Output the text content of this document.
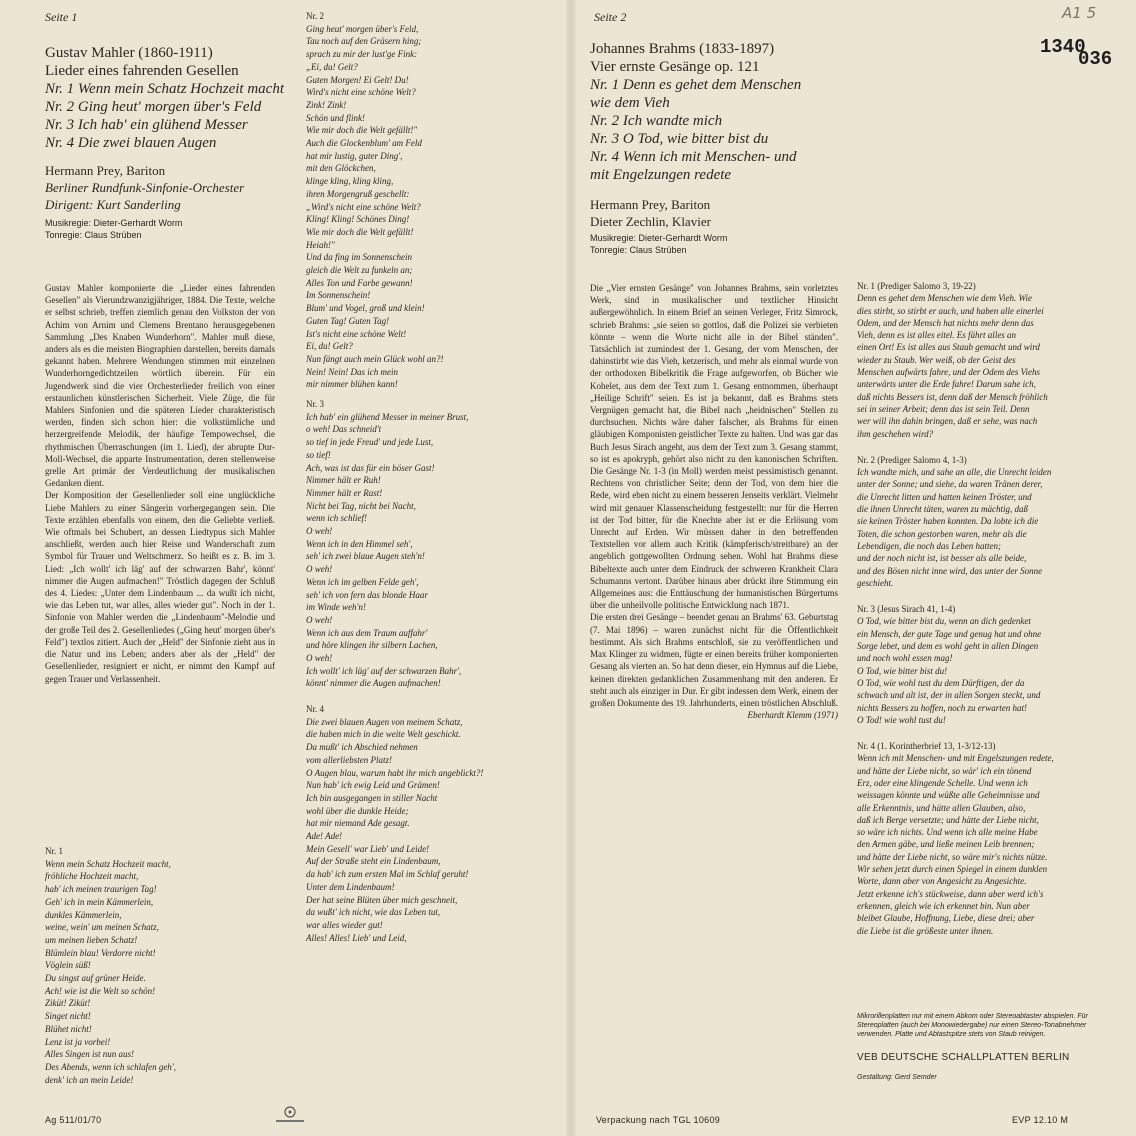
Seite 1
Gustav Mahler (1860-1911)
Lieder eines fahrenden Gesellen
Nr. 1 Wenn mein Schatz Hochzeit macht
Nr. 2 Ging heut' morgen über's Feld
Nr. 3 Ich hab' ein glühend Messer
Nr. 4 Die zwei blauen Augen
Hermann Prey, Bariton
Berliner Rundfunk-Sinfonie-Orchester
Dirigent: Kurt Sanderling
Musikregie: Dieter-Gerhardt Worm
Tonregie: Claus Strüben

Gustav Mahler komponierte die „Lieder eines fahrenden Gesellen" als Vierundzwanzigjähriger, 1884. Die Texte, welche er selbst schrieb, treffen ziemlich genau den Volkston der von Achim von Arnim und Clemens Brentano herausgegebenen Sammlung „Des Knaben Wunderhorn". Mahler muß diese, anders als es die meisten Biographien darstellen, bereits damals gekannt haben. Mehrere Wendungen stimmen mit einzelnen Wunderhorngedichtzeilen wörtlich überein. Für ein Jugendwerk sind die vier Orchesterlieder freilich von einer erstaunlichen künstlerischen Sicherheit. Viele Züge, die für Mahlers Sinfonien und die späteren Lieder charakteristisch werden, finden sich schon hier: die volkstümliche und herzergreifende Melodik, der häufige Tempowechsel, die rhythmischen Überraschungen (im 1. Lied), der abrupte Dur-Moll-Wechsel, die apparte Instrumentation, deren stellenweise grelle Art primär der Verdeutlichung der musikalischen Gedanken dient.

Der Komposition der Gesellenlieder soll eine unglückliche Liebe Mahlers zu einer Sängerin vorhergegangen sein. Die Texte erzählen ebenfalls von einem, den die Geliebte verließ. Wie oftmals bei Schubert, an dessen Liedtypus sich Mahler anschließt, werden auch hier Reise und Wanderschaft zum Symbol für Trauer und Weltschmerz. So heißt es z. B. im 3. Lied: „Ich wollt' ich läg' auf der schwarzen Bahr', könnt' nimmer die Augen aufmachen!" Tröstlich dagegen der Schluß des 4. Liedes: „Unter dem Lindenbaum ... da wußt ich nicht, wie das Leben tut, war alles, alles wieder gut". Noch in der 1. Sinfonie von Mahler werden die „Lindenbaum"-Melodie und der große Teil des 2. Gesellenliedes („Ging heut' morgen über's Feld") textlos zitiert. Auch der „Held" der Sinfonie zieht aus in die Natur und ins Leben; anders aber als der „Held" der Gesellenlieder, resigniert er nicht, er nimmt den Kampf auf gegen Trauer und Verlassenheit.

Nr. 1
Wenn mein Schatz Hochzeit macht,
fröhliche Hochzeit macht,
hab' ich meinen traurigen Tag!
Geh' ich in mein Kämmerlein,
dunkles Kämmerlein,
weine, wein' um meinen Schatz,
um meinen lieben Schatz!
Blümlein blau! Verdorre nicht!
Vöglein süß!
Du singst auf grüner Heide.
Ach! wie ist die Welt so schön!
Ziküt! Ziküt!
Singet nicht!
Blühet nicht!
Lenz ist ja vorbei!
Alles Singen ist nun aus!
Des Abends, wenn ich schlafen geh',
denk' ich an mein Leide!
Nr. 2
Ging heut' morgen über's Feld,
Tau noch auf den Gräsern hing;
sprach zu mir der lust'ge Fink:
„Ei, du! Gelt?
Guten Morgen! Ei Gelt! Du!
Wird's nicht eine schöne Welt?
Zink! Zink!
Schön und flink!
Wie mir doch die Welt gefällt!"
Auch die Glockenblum' am Feld
hat mir lustig, guter Ding',
mit den Glöckchen,
klinge kling, kling kling,
ihren Morgengruß geschellt:
„Wird's nicht eine schöne Welt?
Kling! Kling! Schönes Ding!
Wie mir doch die Welt gefällt!
Heiah!"
Und da fing im Sonnenschein
gleich die Welt zu funkeln an;
Alles Ton und Farbe gewann!
Im Sonnenschein!
Blum' und Vogel, groß und klein!
Guten Tag! Guten Tag!
Ist's nicht eine schöne Welt!
Ei, du! Gelt?
Nun fängt auch mein Glück wohl an?!
Nein! Nein! Das ich mein
mir nimmer blühen kann!
Nr. 3
Ich hab' ein glühend Messer in meiner Brust,
o weh! Das schneid't
so tief in jede Freud' und jede Lust,
so tief!
Ach, was ist das für ein böser Gast!
Nimmer hält er Ruh!
Nimmer hält er Rast!
Nicht bei Tag, nicht bei Nacht,
wenn ich schlief!
O weh!
Wenn ich in den Himmel seh',
seh' ich zwei blaue Augen steh'n!
O weh!
Wenn ich im gelben Felde geh',
seh' ich von fern das blonde Haar
im Winde weh'n!
O weh!
Wenn ich aus dem Traum auffahr'
und höre klingen ihr silbern Lachen,
O weh!
Ich wollt' ich läg' auf der schwarzen Bahr',
könnt' nimmer die Augen aufmachen!
Nr. 4
Die zwei blauen Augen von meinem Schatz,
die haben mich in die weite Welt geschickt.
Da mußt' ich Abschied nehmen
vom allerliebsten Platz!
O Augen blau, warum habt ihr mich angeblickt?!
Nun hab' ich ewig Leid und Grämen!
Ich bin ausgegangen in stiller Nacht
wohl über die dunkle Heide;
hat mir niemand Ade gesagt.
Ade! Ade!
Mein Gesell' war Lieb' und Leide!
Auf der Straße steht ein Lindenbaum,
da hab' ich zum ersten Mal im Schlaf geruht!
Unter dem Lindenbaum!
Der hat seine Blüten über mich geschneit,
da wußt' ich nicht, wie das Leben tut,
war alles wieder gut!
Alles! Alles! Lieb' und Leid,
Ag 511/01/70
Seite 2	A1 5
1340
036
Johannes Brahms (1833-1897)
Vier ernste Gesänge op. 121
Nr. 1 Denn es gehet dem Menschen
wie dem Vieh
Nr. 2 Ich wandte mich
Nr. 3 O Tod, wie bitter bist du
Nr. 4 Wenn ich mit Menschen- und
mit Engelzungen redete
Hermann Prey, Bariton
Dieter Zechlin, Klavier
Musikregie: Dieter-Gerhardt Worm
Tonregie: Claus Strüben

Die „Vier ernsten Gesänge" von Johannes Brahms, sein vorletztes Werk, sind in musikalischer und textlicher Hinsicht außergewöhnlich. In einem Brief an seinen Verleger, Fritz Simrock, schrieb Brahms: „sie seien so gottlos, daß die Polizei sie verbieten könnte – wenn die Worte nicht alle in der Bibel ständen". Tatsächlich ist zumindest der 1. Gesang, der vom Menschen, der dahinstirbt wie das Vieh, ketzerisch, und mehr als einmal wurde von der orthodoxen Bibelkritik die Frage aufgeworfen, ob Bücher wie Kohelet, aus dem der Text zum 1. Gesang entnommen, überhaupt „Heilige Schrift" seien. Es ist ja bekannt, daß es Brahms stets Vergnügen gemacht hat, die Bibel nach „heidnischen" Stellen zu durchsuchen. Nichts wäre daher falscher, als Brahms für einen gläubigen Komponisten geistlicher Texte zu halten. Und was gar das Buch Jesus Sirach angeht, aus dem der Text zum 3. Gesang stammt, so ist es apokryph, gehört also nicht zu den kanonischen Schriften. Die Gesänge Nr. 1-3 (in Moll) werden meist pessimistisch genannt. Rechtens von christlicher Seite; denn der Tod, von dem hier die Rede, wird eben nicht zu einem besseren Jenseits verklärt. Vielmehr wird mit genauer Klassenscheidung festgestellt: nur für die Herren ist der Tod bitter, für die Knechte aber ist er die Erlösung vom Unrecht auf Erden. Wir müssen daher in den betreffenden Textstellen vor allem auch Kritik (kämpferisch/streitbare) an der angeblich gottgewollten Ordnung sehen. Wohl hat Brahms diese Bibeltexte auch unter dem Eindruck der schweren Krankheit Clara Schumanns vertont. Darüber hinaus aber drückt ihre Stimmung ein Allgemeines aus: die Enttäuschung der humanistischen Bürgertums über die unheilvolle politische Entwicklung nach 1871.

Die ersten drei Gesänge – beendet genau an Brahms' 63. Geburtstag (7. Mai 1896) – waren zunächst nicht für die Öffentlichkeit bestimmt. Als sich Brahms entschloß, sie zu veröffentlichen und Max Klinger zu widmen, fügte er einen bereits früher komponierten Gesang als vierten an. So hat denn dieser, ein Hymnus auf die Liebe, keinen direkten gedanklichen Zusammenhang mit den anderen. Er steht auch als einziger in Dur. Er gibt indessen dem Werk, einem der großen Dokumente des 19. Jahrhunderts, einen tröstlichen Abschluß.

Eberhardt Klemm (1971)

Nr. 1 (Prediger Salomo 3, 19-22)
Denn es gehet dem Menschen wie dem Vieh. Wie
dies stirbt, so stirbt er auch, und haben alle einerlei
Odem, und der Mensch hat nichts mehr denn das
Vieh, denn es ist alles eitel. Es fährt alles an
einen Ort! Es ist alles aus Staub gemacht und wird
wieder zu Staub. Wer weiß, ob der Geist des
Menschen aufwärts fahre, und der Odem des Viehs
unterwärts unter die Erde fahre! Darum sahe ich,
daß nichts Bessers ist, denn daß der Mensch fröhlich
sei in seiner Arbeit; denn das ist sein Teil. Denn
wer will ihn dahin bringen, daß er sehe, was nach
ihm geschehen wird?
Nr. 2 (Prediger Salomo 4, 1-3)
Ich wandte mich, und sahe an alle, die Unrecht leiden
unter der Sonne; und siehe, da waren Tränen derer,
die Unrecht litten und hatten keinen Tröster, und
die ihnen Unrecht täten, waren zu mächtig, daß
sie keinen Tröster haben konnten. Da lobte ich die
Toten, die schon gestorben waren, mehr als die
Lebendigen, die noch das Leben hatten;
und der noch nicht ist, ist besser als alle beide,
und des Bösen nicht inne wird, das unter der Sonne
geschieht.
Nr. 3 (Jesus Sirach 41, 1-4)
O Tod, wie bitter bist du, wenn an dich gedenket
ein Mensch, der gute Tage und genug hat und ohne
Sorge lebet, und dem es wohl geht in allen Dingen
und noch wohl essen mag!
O Tod, wie bitter bist du!
O Tod, wie wohl tust du dem Dürftigen, der da
schwach und alt ist, der in allen Sorgen steckt, und
nichts Bessers zu hoffen, noch zu erwarten hat!
O Tod! wie wohl tust du!
Nr. 4 (1. Korintherbrief 13, 1-3/12-13)
Wenn ich mit Menschen- und mit Engelszungen redete,
und hätte der Liebe nicht, so wär' ich ein tönend
Erz, oder eine klingende Schelle. Und wenn ich
weissagen könnte und wüßte alle Geheimnisse und
alle Erkenntnis, und hätte allen Glauben, also,
daß ich Berge versetzte; und hätte der Liebe nicht,
so wäre ich nichts. Und wenn ich alle meine Habe
den Armen gäbe, und ließe meinen Leib brennen;
und hätte der Liebe nicht, so wäre mir's nichts nütze.
Wir sehen jetzt durch einen Spiegel in einem dunklen
Worte, dann aber von Angesicht zu Angesichte.
Jetzt erkenne ich's stückweise, dann aber werd ich's
erkennen, gleich wie ich erkennet bin. Nun aber
bleibet Glaube, Hoffnung, Liebe, diese drei; aber
die Liebe ist die größeste unter ihnen.
Mikrorillenplatten nur mit einem Abkom oder Stereoabtaster abspielen. Für Stereoplatten (auch bei Monowiedergabe) nur einen Stereo-Tonabnehmer verwenden. Platte und Abtastspitze stets von Staub reinigen.
VEB DEUTSCHE SCHALLPLATTEN BERLIN
Gestaltung: Gerd Semder
Verpackung nach TGL 10609	EVP 12.10 M
